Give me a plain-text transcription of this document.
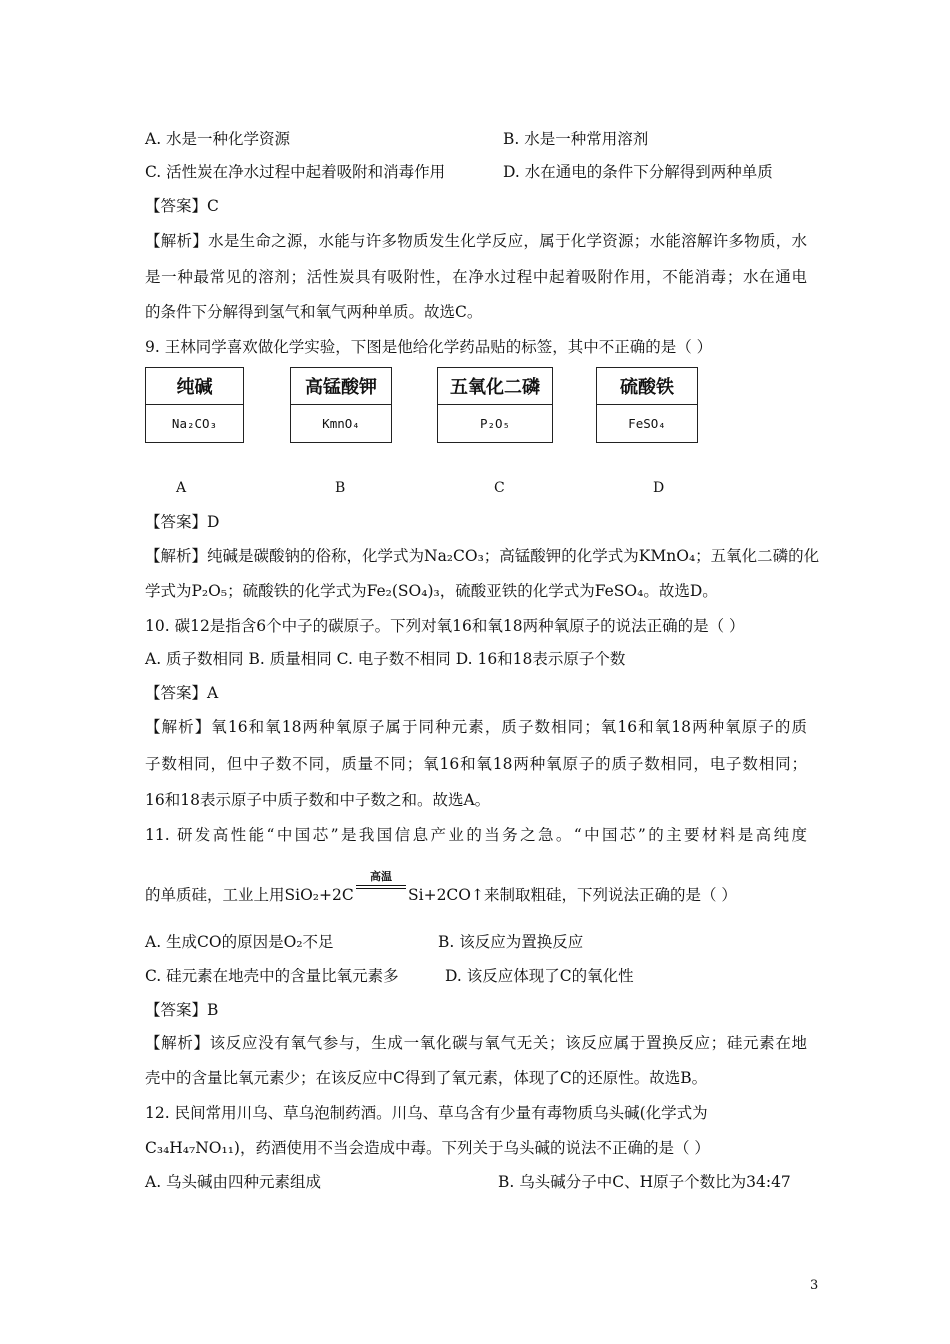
A. 水是一种化学资源	B. 水是一种常用溶剂
C. 活性炭在净水过程中起着吸附和消毒作用	D. 水在通电的条件下分解得到两种单质
【答案】C
【解析】水是生命之源，水能与许多物质发生化学反应，属于化学资源；水能溶解许多物质，水
是一种最常见的溶剂；活性炭具有吸附性，在净水过程中起着吸附作用，不能消毒；水在通电
的条件下分解得到氢气和氧气两种单质。故选C。
9. 王林同学喜欢做化学实验，下图是他给化学药品贴的标签，其中不正确的是（ ）
纯碱
Na₂CO₃
高锰酸钾
KmnO₄
五氧化二磷
P₂O₅
硫酸铁
FeSO₄
A	B	C	D
【答案】D
【解析】纯碱是碳酸钠的俗称，化学式为Na₂CO₃；高锰酸钾的化学式为KMnO₄；五氧化二磷的化
学式为P₂O₅；硫酸铁的化学式为Fe₂(SO₄)₃，硫酸亚铁的化学式为FeSO₄。故选D。
10. 碳12是指含6个中子的碳原子。下列对氧16和氧18两种氧原子的说法正确的是（ ）
A. 质子数相同 B. 质量相同 C. 电子数不相同 D. 16和18表示原子个数
【答案】A
【解析】氧16和氧18两种氧原子属于同种元素，质子数相同；氧16和氧18两种氧原子的质
子数相同，但中子数不同，质量不同；氧16和氧18两种氧原子的质子数相同，电子数相同；
16和18表示原子中质子数和中子数之和。故选A。
11. 研发高性能“中国芯”是我国信息产业的当务之急。“中国芯”的主要材料是高纯度
的单质硅，工业上用SiO₂+2C
高温
Si+2CO↑来制取粗硅，下列说法正确的是（ ）
A. 生成CO的原因是O₂不足	B. 该反应为置换反应
C. 硅元素在地壳中的含量比氧元素多	D. 该反应体现了C的氧化性
【答案】B
【解析】该反应没有氧气参与，生成一氧化碳与氧气无关；该反应属于置换反应；硅元素在地
壳中的含量比氧元素少；在该反应中C得到了氧元素，体现了C的还原性。故选B。
12. 民间常用川乌、草乌泡制药酒。川乌、草乌含有少量有毒物质乌头碱(化学式为
C₃₄H₄₇NO₁₁)，药酒使用不当会造成中毒。下列关于乌头碱的说法不正确的是（ ）
A. 乌头碱由四种元素组成	B. 乌头碱分子中C、H原子个数比为34:47
3
